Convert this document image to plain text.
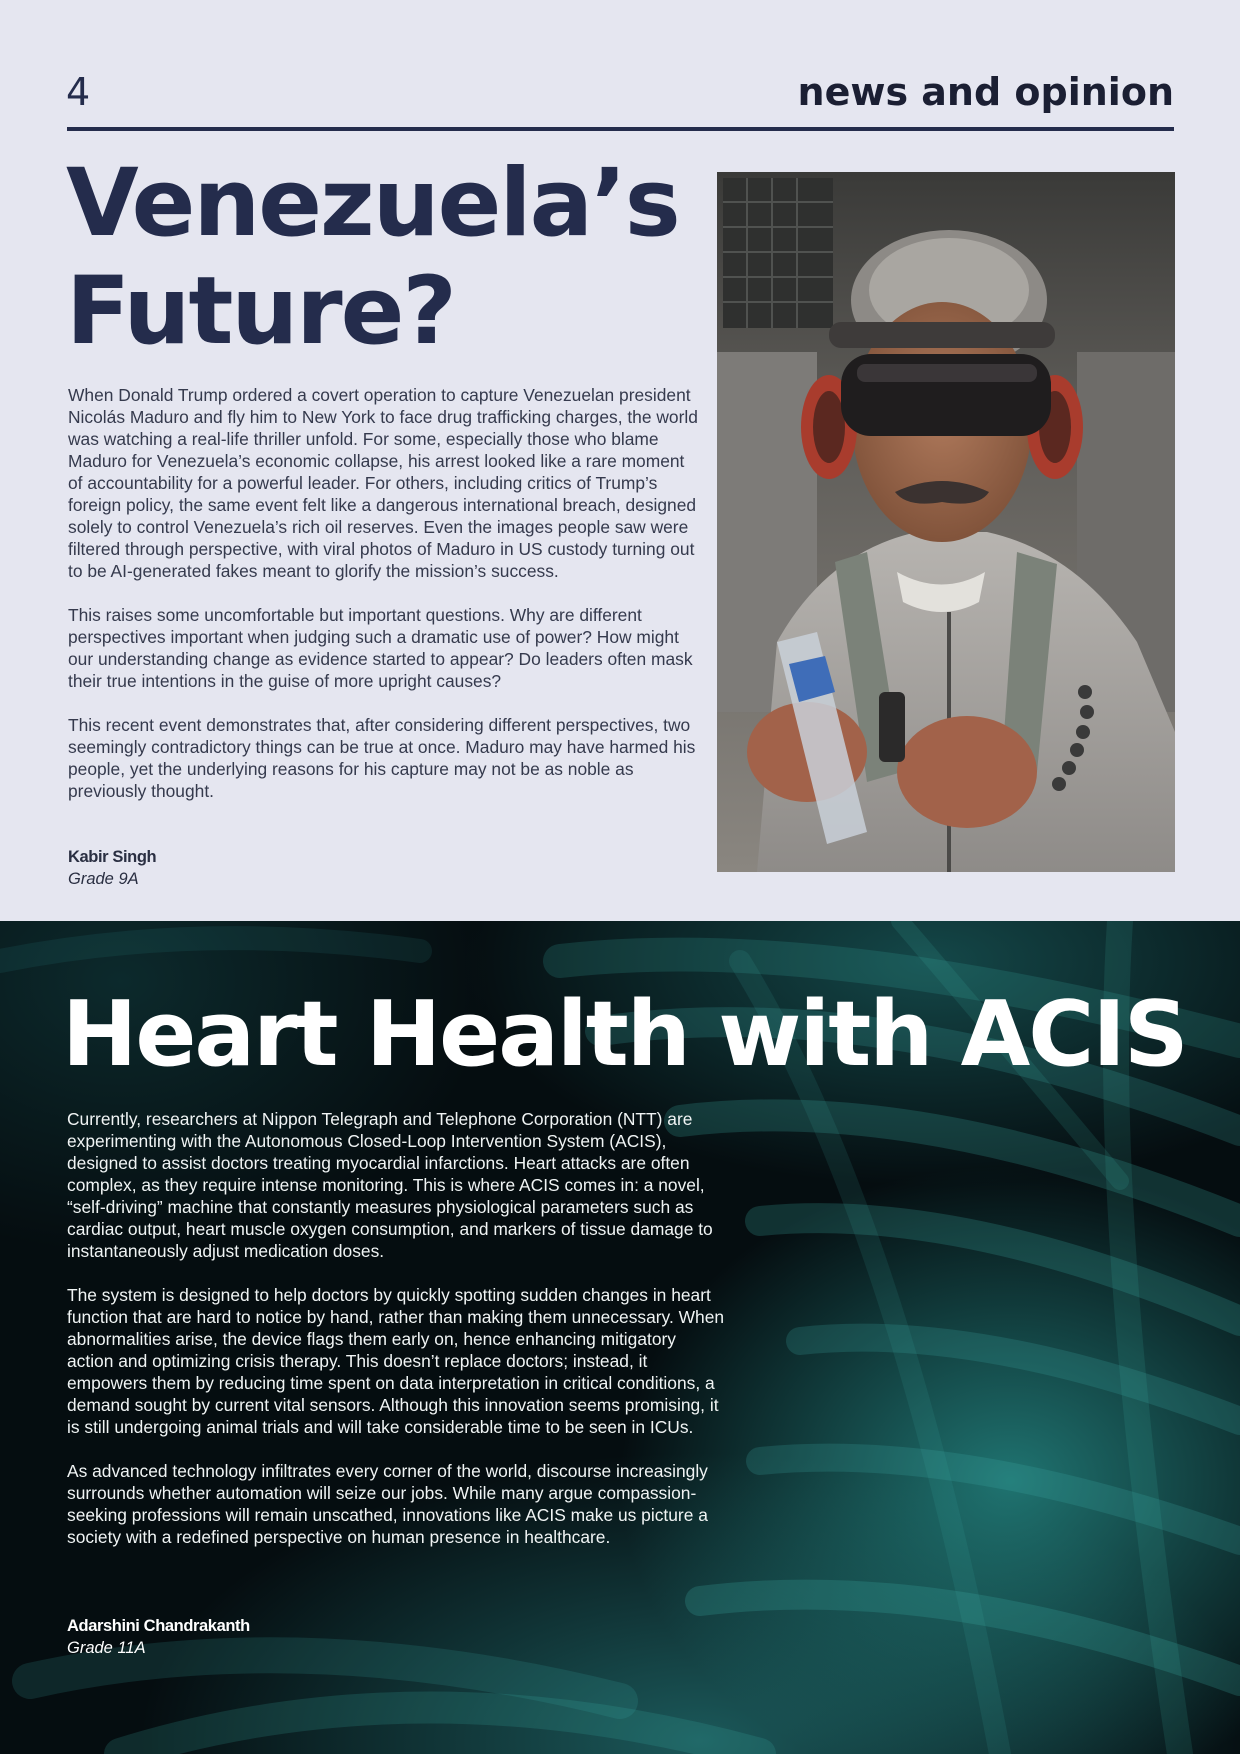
4	news and opinion
Venezuela’s
Future?

When Donald Trump ordered a covert operation to capture Venezuelan president Nicolás Maduro and fly him to New York to face drug trafficking charges, the world was watching a real-life thriller unfold. For some, especially those who blame Maduro for Venezuela’s economic collapse, his arrest looked like a rare moment of accountability for a powerful leader. For others, including critics of Trump’s foreign policy, the same event felt like a dangerous international breach, designed solely to control Venezuela’s rich oil reserves. Even the images people saw were filtered through perspective, with viral photos of Maduro in US custody turning out to be AI-generated fakes meant to glorify the mission’s success.

This raises some uncomfortable but important questions. Why are different perspectives important when judging such a dramatic use of power? How might our understanding change as evidence started to appear? Do leaders often mask their true intentions in the guise of more upright causes?

This recent event demonstrates that, after considering different perspectives, two seemingly contradictory things can be true at once. Maduro may have harmed his people, yet the underlying reasons for his capture may not be as noble as previously thought.

Kabir Singh
Grade 9A
Heart Health with ACIS

Currently, researchers at Nippon Telegraph and Telephone Corporation (NTT) are experimenting with the Autonomous Closed-Loop Intervention System (ACIS), designed to assist doctors treating myocardial infarctions. Heart attacks are often complex, as they require intense monitoring. This is where ACIS comes in: a novel, “self-driving” machine that constantly measures physiological parameters such as cardiac output, heart muscle oxygen consumption, and markers of tissue damage to instantaneously adjust medication doses.

The system is designed to help doctors by quickly spotting sudden changes in heart function that are hard to notice by hand, rather than making them unnecessary. When abnormalities arise, the device flags them early on, hence enhancing mitigatory action and optimizing crisis therapy. This doesn’t replace doctors; instead, it empowers them by reducing time spent on data interpretation in critical conditions, a demand sought by current vital sensors. Although this innovation seems promising, it is still undergoing animal trials and will take considerable time to be seen in ICUs.

As advanced technology infiltrates every corner of the world, discourse increasingly surrounds whether automation will seize our jobs. While many argue compassion-seeking professions will remain unscathed, innovations like ACIS make us picture a society with a redefined perspective on human presence in healthcare.

Adarshini Chandrakanth
Grade 11A
